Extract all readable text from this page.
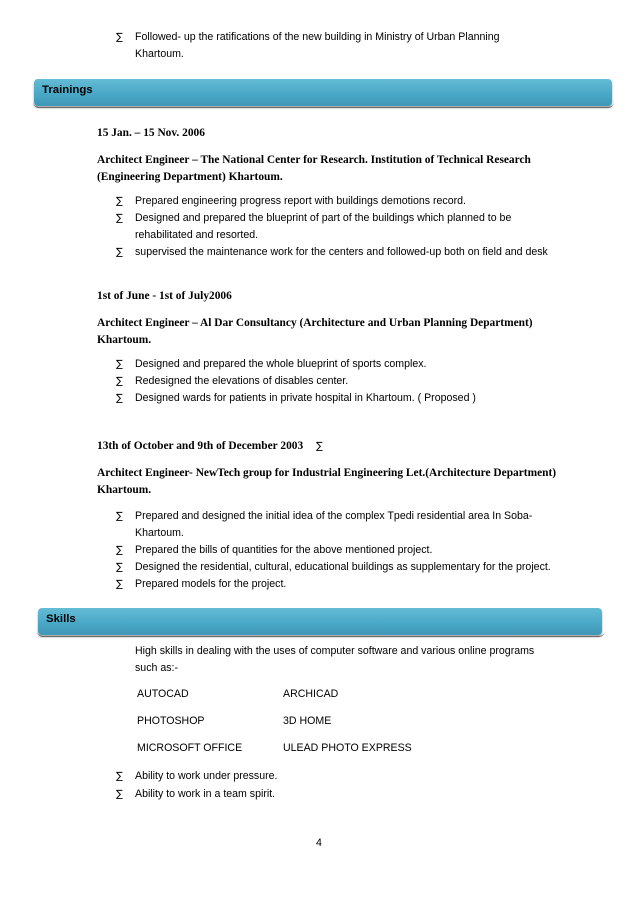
∑	Followed- up the ratifications of the new building in Ministry of Urban Planning Khartoum.
Trainings
15 Jan. – 15 Nov. 2006
Architect Engineer – The National Center for Research. Institution of Technical Research (Engineering Department) Khartoum.
∑	Prepared engineering progress report with buildings demotions record.
∑	Designed and prepared the blueprint of part of the buildings which planned to be rehabilitated and resorted.
∑	supervised the maintenance work for the centers and followed-up both on field and desk
1st of June - 1st of July2006
Architect Engineer – Al Dar Consultancy (Architecture and Urban Planning Department) Khartoum.
∑	Designed and prepared the whole blueprint of sports complex.
∑	Redesigned the elevations of disables center.
∑	Designed wards for patients in private hospital in Khartoum. ( Proposed )
13th of October and 9th of December 2003 ∑
Architect Engineer- NewTech group for Industrial Engineering Let.(Architecture Department) Khartoum.
∑	Prepared and designed the initial idea of the complex Tpedi residential area In Soba-Khartoum.
∑	Prepared the bills of quantities for the above mentioned project.
∑	Designed the residential, cultural, educational buildings as supplementary for the project.
∑	Prepared models for the project.
Skills
High skills in dealing with the uses of computer software and various online programs such as:-
AUTOCAD	ARCHICAD
PHOTOSHOP	3D HOME
MICROSOFT OFFICE	ULEAD PHOTO EXPRESS
∑	Ability to work under pressure.
∑	Ability to work in a team spirit.
4
